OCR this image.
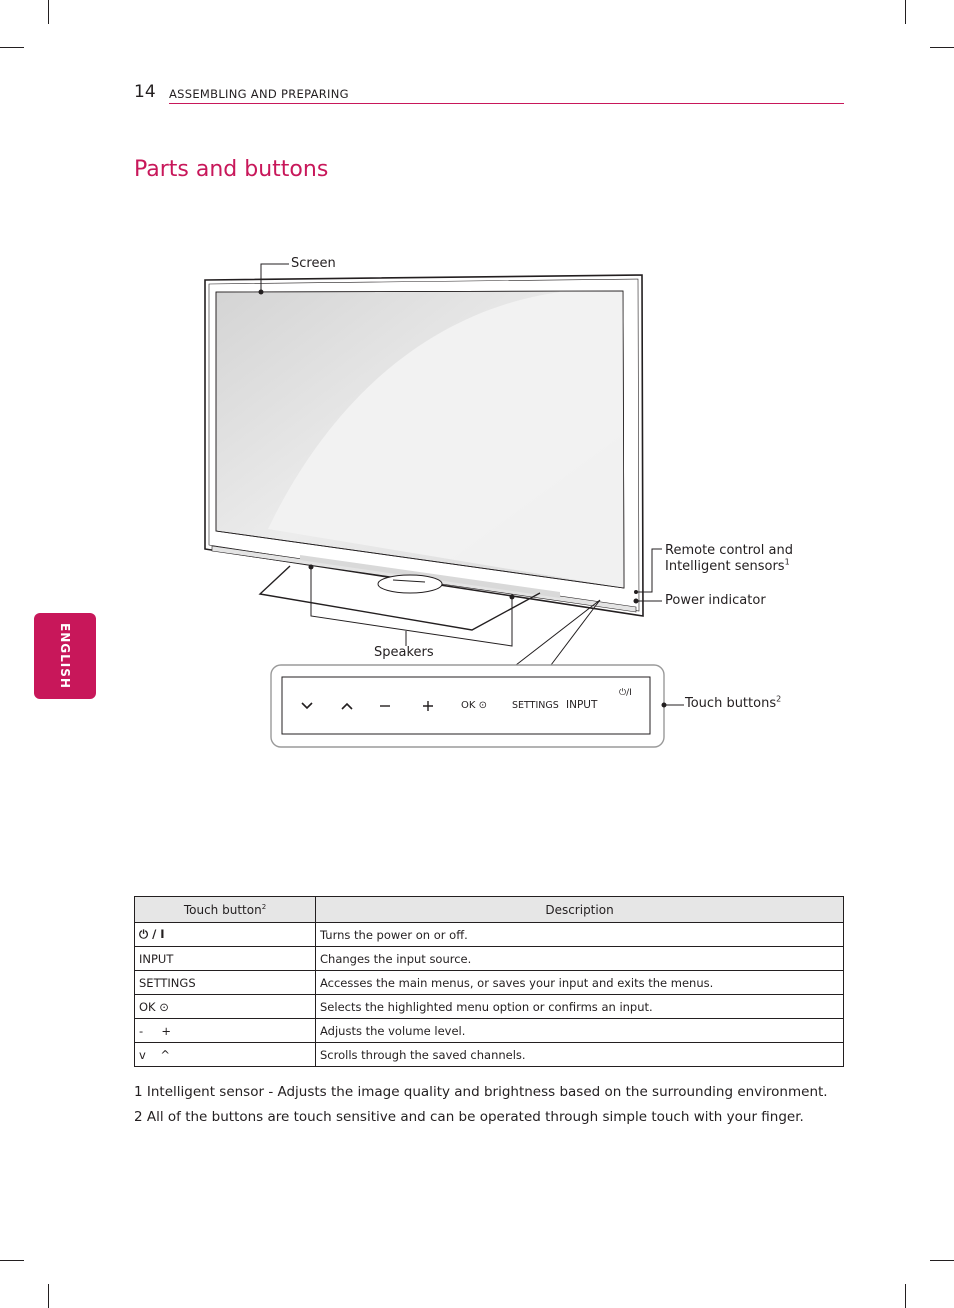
14 ASSEMBLING AND PREPARING
Parts and buttons
ENGLISH
OK ⊙	SETTINGS INPUT
⏻/I
Screen
Remote control and
Intelligent sensors$^1$
Power indicator
Speakers
Touch buttons$^2$
Touch button$^2$	Description
⏻ / I	Turns the power on or off.
INPUT	Changes the input source.
SETTINGS	Accesses the main menus, or saves your input and exits the menus.
OK ⊙	Selects the highlighted menu option or confirms an input.
-     +	Adjusts the volume level.
v    ^	Scrolls through the saved channels.
1 Intelligent sensor - Adjusts the image quality and brightness based on the surrounding environment.
2 All of the buttons are touch sensitive and can be operated through simple touch with your finger.
